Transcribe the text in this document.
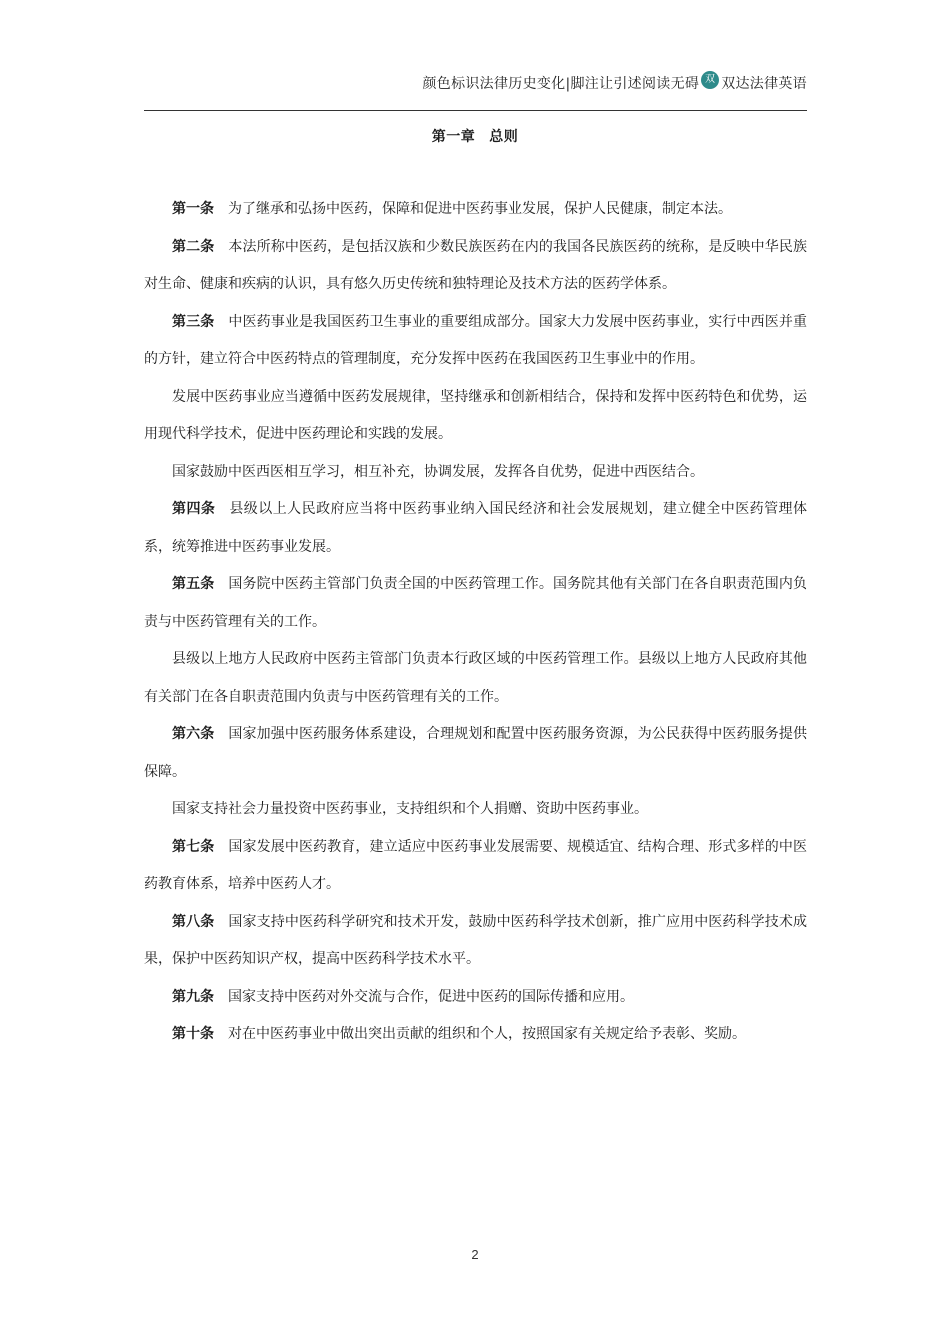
颜色标识法律历史变化|脚注让引述阅读无碍 双 双达法律英语
第一章 总则

第一条 为了继承和弘扬中医药，保障和促进中医药事业发展，保护人民健康，制定本法。

第二条 本法所称中医药，是包括汉族和少数民族医药在内的我国各民族医药的统称，是反映中华民族对生命、健康和疾病的认识，具有悠久历史传统和独特理论及技术方法的医药学体系。

第三条 中医药事业是我国医药卫生事业的重要组成部分。国家大力发展中医药事业，实行中西医并重的方针，建立符合中医药特点的管理制度，充分发挥中医药在我国医药卫生事业中的作用。

发展中医药事业应当遵循中医药发展规律，坚持继承和创新相结合，保持和发挥中医药特色和优势，运用现代科学技术，促进中医药理论和实践的发展。

国家鼓励中医西医相互学习，相互补充，协调发展，发挥各自优势，促进中西医结合。

第四条 县级以上人民政府应当将中医药事业纳入国民经济和社会发展规划，建立健全中医药管理体系，统筹推进中医药事业发展。

第五条 国务院中医药主管部门负责全国的中医药管理工作。国务院其他有关部门在各自职责范围内负责与中医药管理有关的工作。

县级以上地方人民政府中医药主管部门负责本行政区域的中医药管理工作。县级以上地方人民政府其他有关部门在各自职责范围内负责与中医药管理有关的工作。

第六条 国家加强中医药服务体系建设，合理规划和配置中医药服务资源，为公民获得中医药服务提供保障。

国家支持社会力量投资中医药事业，支持组织和个人捐赠、资助中医药事业。

第七条 国家发展中医药教育，建立适应中医药事业发展需要、规模适宜、结构合理、形式多样的中医药教育体系，培养中医药人才。

第八条 国家支持中医药科学研究和技术开发，鼓励中医药科学技术创新，推广应用中医药科学技术成果，保护中医药知识产权，提高中医药科学技术水平。

第九条 国家支持中医药对外交流与合作，促进中医药的国际传播和应用。

第十条 对在中医药事业中做出突出贡献的组织和个人，按照国家有关规定给予表彰、奖励。

2
